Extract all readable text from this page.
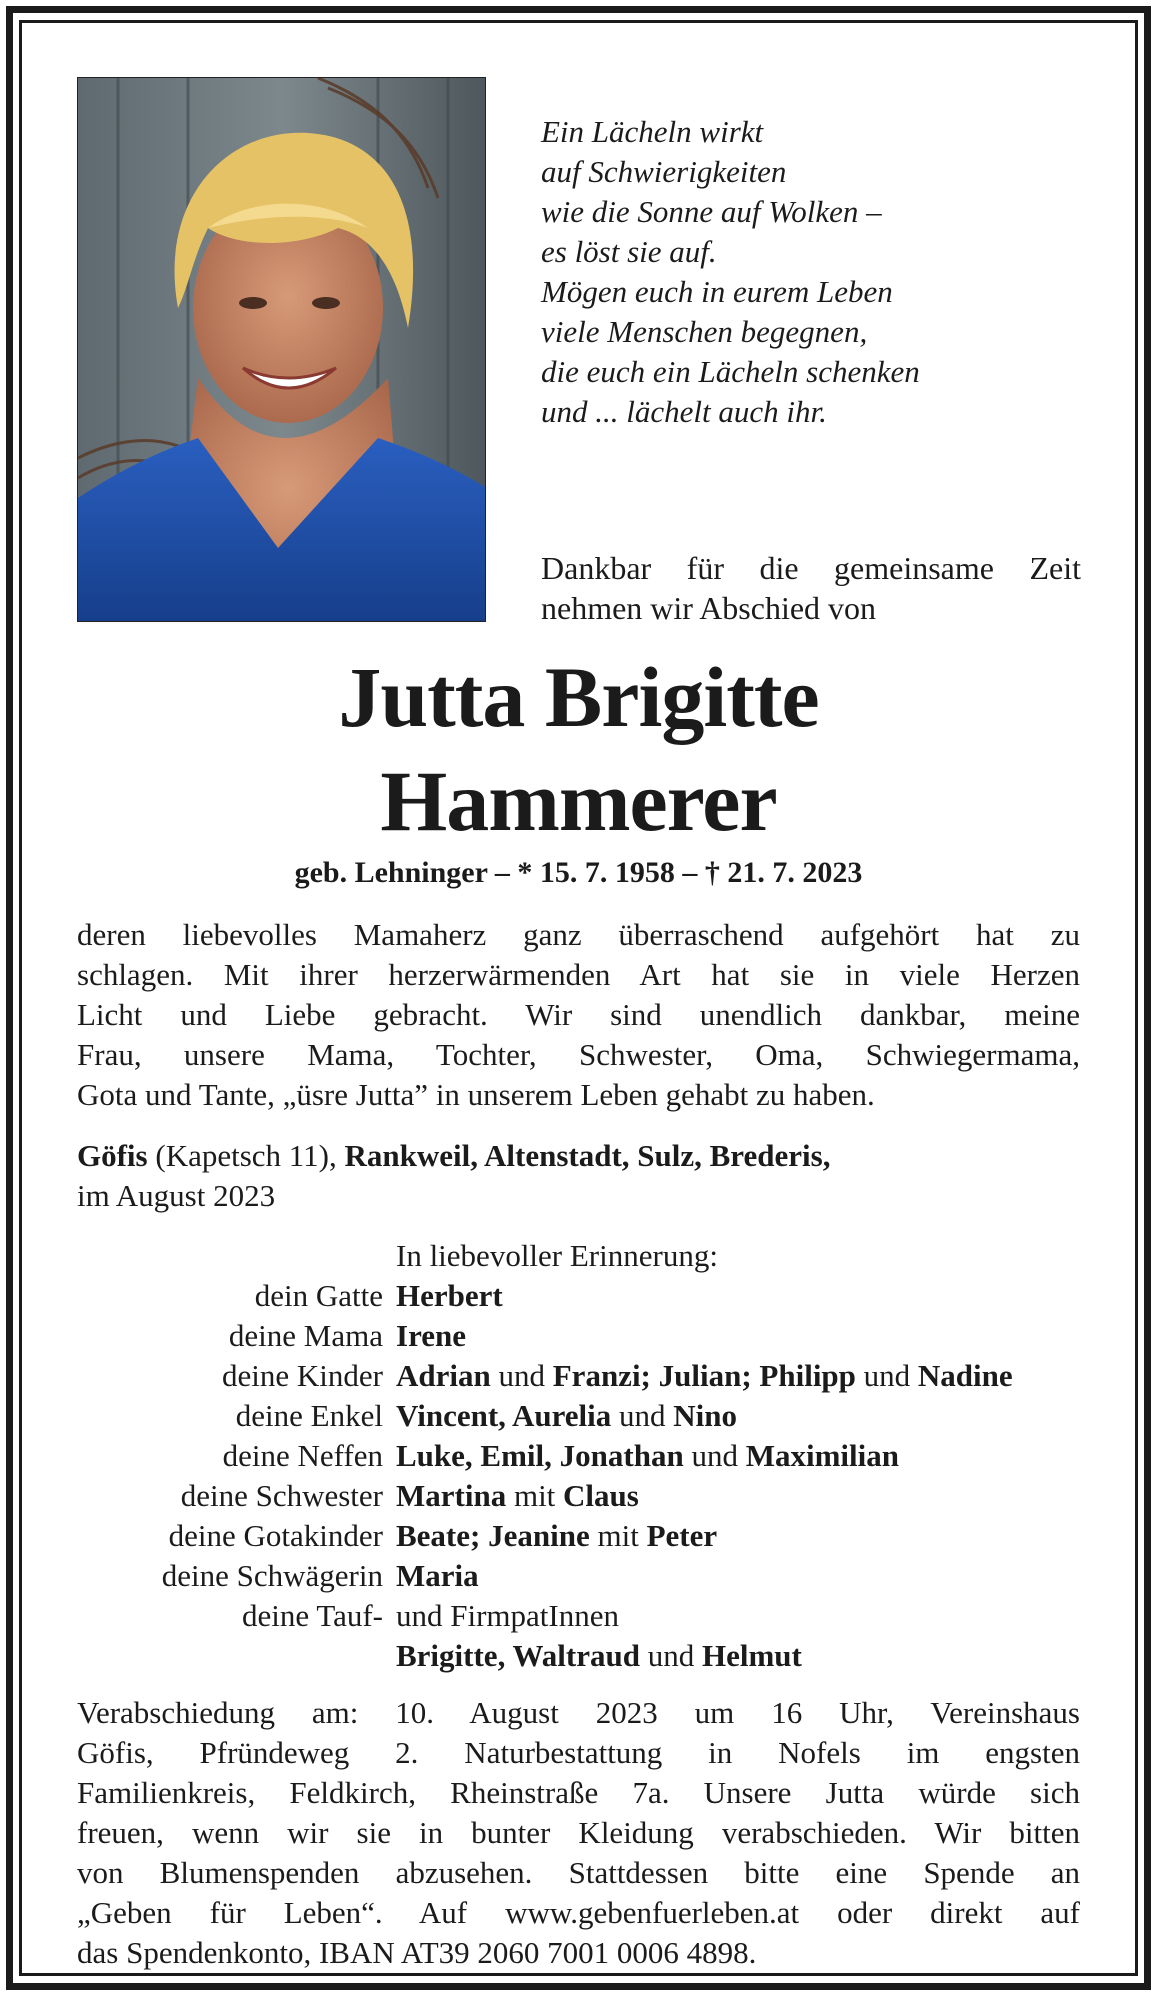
Ein Lächeln wirkt
auf Schwierigkeiten
wie die Sonne auf Wolken –
es löst sie auf.
Mögen euch in eurem Leben
viele Menschen begegnen,
die euch ein Lächeln schenken
und ... lächelt auch ihr.
Dankbar für die gemeinsame Zeit
nehmen wir Abschied von
Jutta Brigitte
Hammerer
geb. Lehninger – * 15. 7. 1958 – † 21. 7. 2023
deren liebevolles Mamaherz ganz überraschend aufgehört hat zu
schlagen. Mit ihrer herzerwärmenden Art hat sie in viele Herzen
Licht und Liebe gebracht. Wir sind unendlich dankbar, meine
Frau, unsere Mama, Tochter, Schwester, Oma, Schwiegermama,
Gota und Tante, „üsre Jutta” in unserem Leben gehabt zu haben.
Göfis (Kapetsch 11), Rankweil, Altenstadt, Sulz, Brederis,
im August 2023
In liebevoller Erinnerung:
dein Gatte Herbert
deine Mama Irene
deine Kinder Adrian und Franzi; Julian; Philipp und Nadine
deine Enkel Vincent, Aurelia und Nino
deine Neffen Luke, Emil, Jonathan und Maximilian
deine Schwester Martina mit Claus
deine Gotakinder Beate; Jeanine mit Peter
deine Schwägerin Maria
deine Tauf- und FirmpatInnen
Brigitte, Waltraud und Helmut
Verabschiedung am: 10. August 2023 um 16 Uhr, Vereinshaus
Göfis, Pfründeweg 2. Naturbestattung in Nofels im engsten
Familienkreis, Feldkirch, Rheinstraße 7a. Unsere Jutta würde sich
freuen, wenn wir sie in bunter Kleidung verabschieden. Wir bitten
von Blumenspenden abzusehen. Stattdessen bitte eine Spende an
„Geben für Leben“. Auf www.gebenfuerleben.at oder direkt auf
das Spendenkonto, IBAN AT39 2060 7001 0006 4898.
